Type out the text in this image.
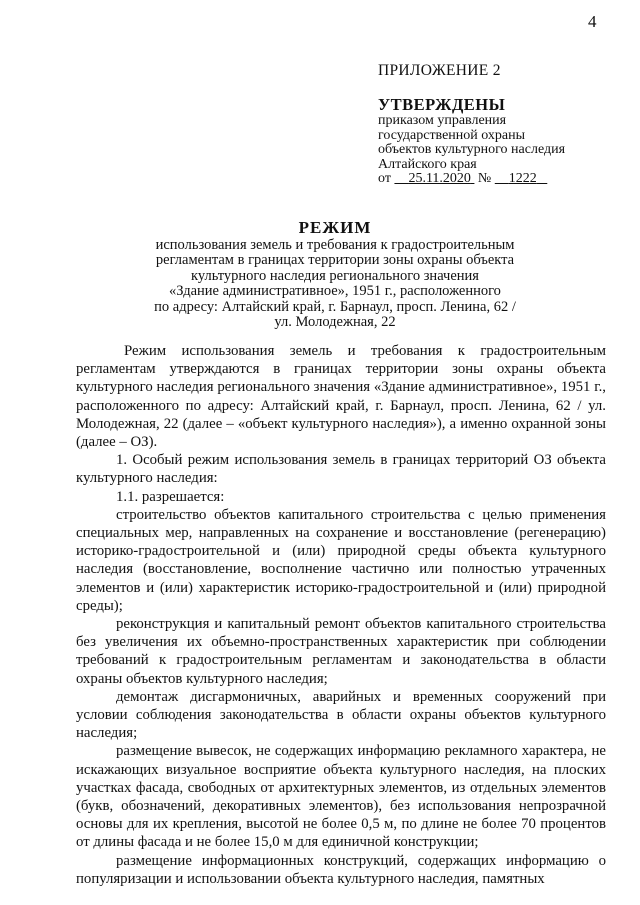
4
ПРИЛОЖЕНИЕ 2
УТВЕРЖДЕНЫ
приказом управления
государственной охраны
объектов культурного наследия
Алтайского края
от 25.11.2020 № 1222
РЕЖИМ
использования земель и требования к градостроительным
регламентам в границах территории зоны охраны объекта
культурного наследия регионального значения
«Здание административное», 1951 г., расположенного
по адресу: Алтайский край, г. Барнаул, просп. Ленина, 62 /
ул. Молодежная, 22

Режим использования земель и требования к градостроительным регламентам утверждаются в границах территории зоны охраны объекта культурного наследия регионального значения «Здание административное», 1951 г., расположенного по адресу: Алтайский край, г. Барнаул, просп. Ленина, 62 / ул. Молодежная, 22 (далее – «объект культурного наследия»), а именно охранной зоны (далее – ОЗ).

1. Особый режим использования земель в границах территорий ОЗ объекта культурного наследия:

1.1. разрешается:

строительство объектов капитального строительства с целью применения специальных мер, направленных на сохранение и восстановление (регенерацию) историко-градостроительной и (или) природной среды объекта культурного наследия (восстановление, восполнение частично или полностью утраченных элементов и (или) характеристик историко-градостроительной и (или) природной среды);

реконструкция и капитальный ремонт объектов капитального строительства без увеличения их объемно-пространственных характеристик при соблюдении требований к градостроительным регламентам и законодательства в области охраны объектов культурного наследия;

демонтаж дисгармоничных, аварийных и временных сооружений при условии соблюдения законодательства в области охраны объектов культурного наследия;

размещение вывесок, не содержащих информацию рекламного характера, не искажающих визуальное восприятие объекта культурного наследия, на плоских участках фасада, свободных от архитектурных элементов, из отдельных элементов (букв, обозначений, декоративных элементов), без использования непрозрачной основы для их крепления, высотой не более 0,5 м, по длине не более 70 процентов от длины фасада и не более 15,0 м для единичной конструкции;

размещение информационных конструкций, содержащих информацию о популяризации и использовании объекта культурного наследия, памятных
